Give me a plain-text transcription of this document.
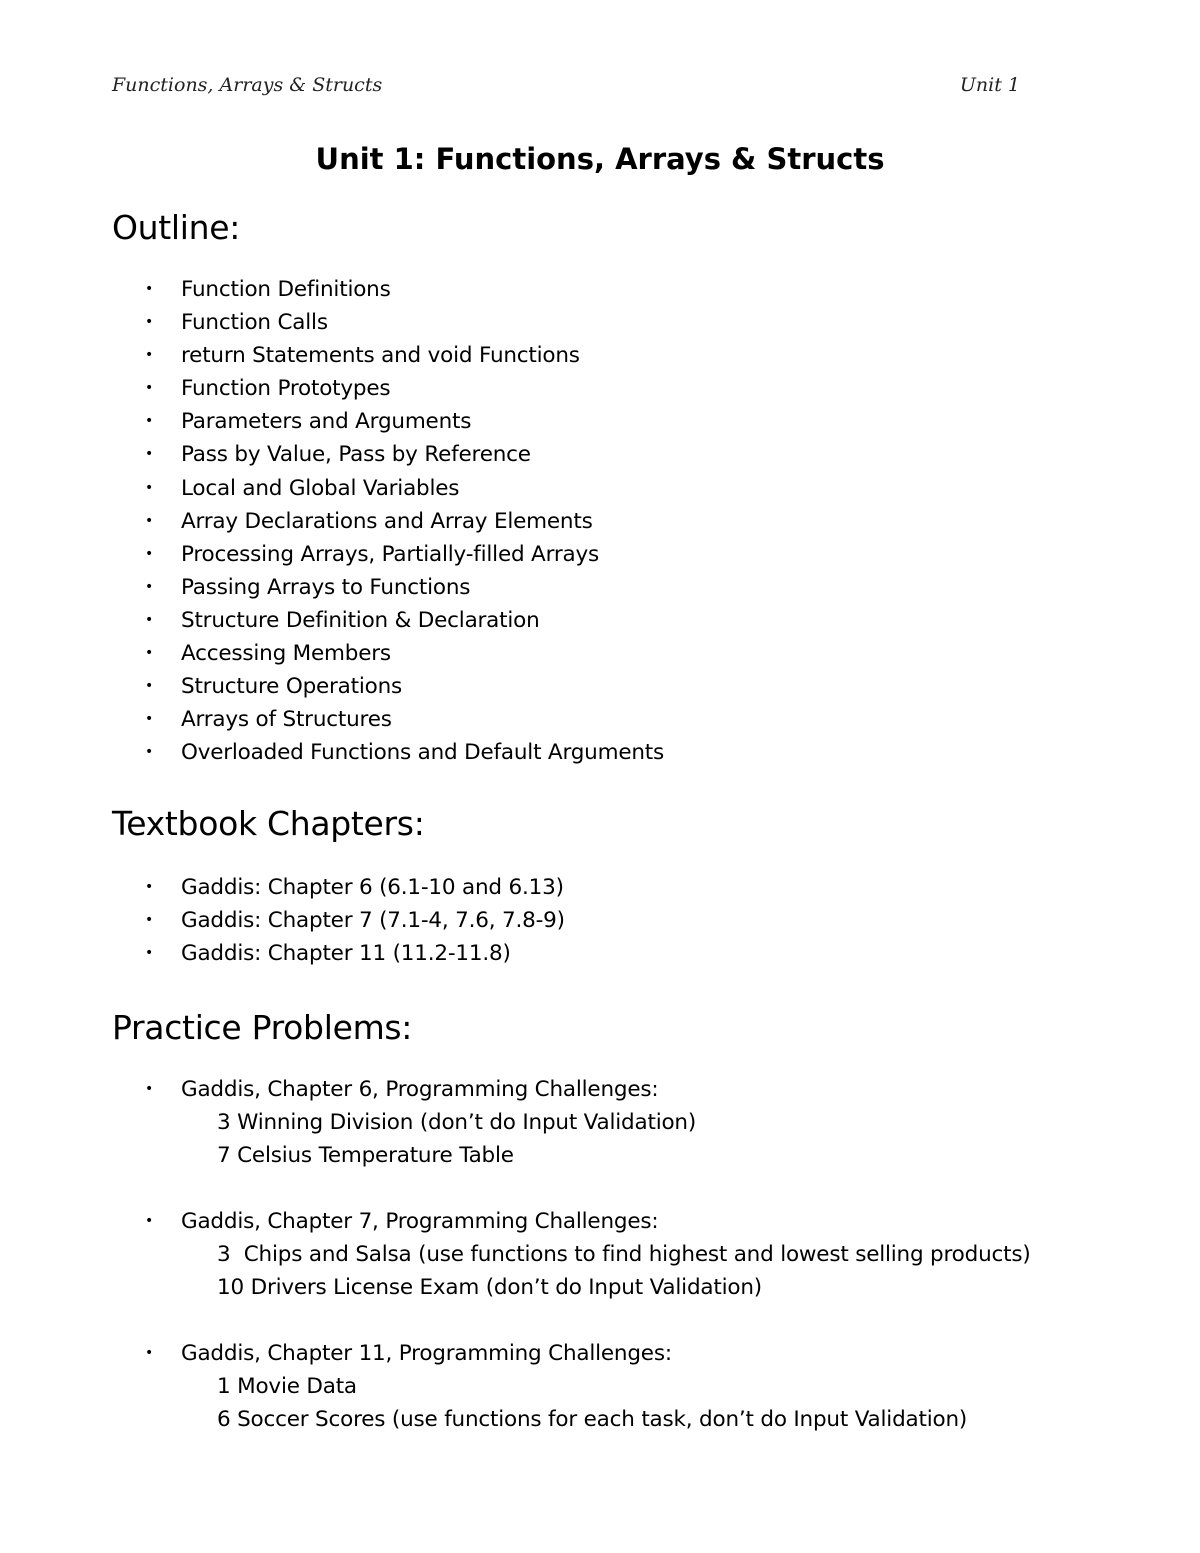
Functions, Arrays & Structs	Unit 1
Unit 1: Functions, Arrays & Structs
Outline:
• Function Definitions
• Function Calls
• return Statements and void Functions
• Function Prototypes
• Parameters and Arguments
• Pass by Value, Pass by Reference
• Local and Global Variables
• Array Declarations and Array Elements
• Processing Arrays, Partially-filled Arrays
• Passing Arrays to Functions
• Structure Definition & Declaration
• Accessing Members
• Structure Operations
• Arrays of Structures
• Overloaded Functions and Default Arguments
Textbook Chapters:
• Gaddis: Chapter 6 (6.1-10 and 6.13)
• Gaddis: Chapter 7 (7.1-4, 7.6, 7.8-9)
• Gaddis: Chapter 11 (11.2-11.8)
Practice Problems:
• Gaddis, Chapter 6, Programming Challenges:
3 Winning Division (don’t do Input Validation)
7 Celsius Temperature Table
• Gaddis, Chapter 7, Programming Challenges:
3  Chips and Salsa (use functions to find highest and lowest selling products)
10 Drivers License Exam (don’t do Input Validation)
• Gaddis, Chapter 11, Programming Challenges:
1 Movie Data
6 Soccer Scores (use functions for each task, don’t do Input Validation)
